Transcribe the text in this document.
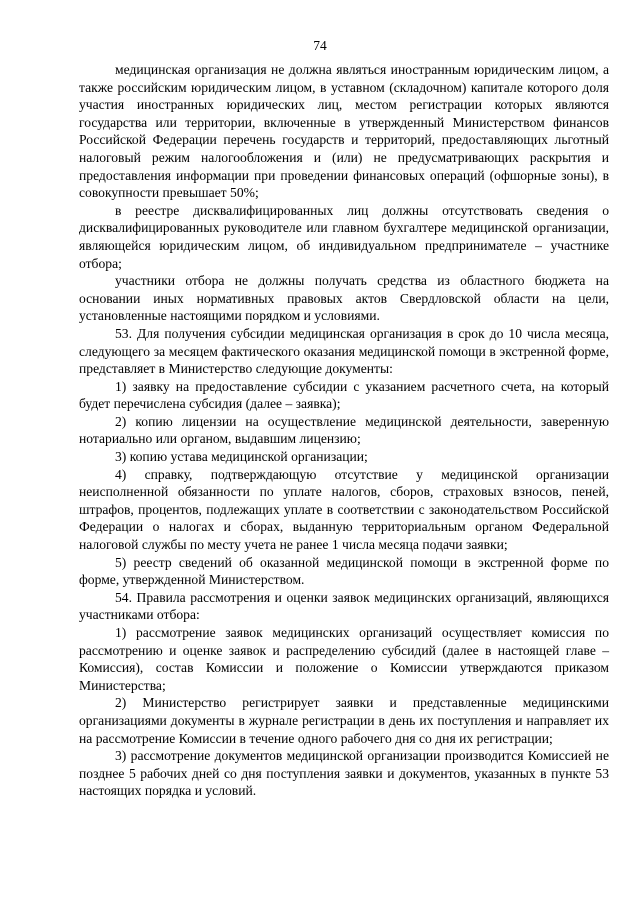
74

медицинская организация не должна являться иностранным юридическим лицом, а также российским юридическим лицом, в уставном (складочном) капитале которого доля участия иностранных юридических лиц, местом регистрации которых являются государства или территории, включенные в утвержденный Министерством финансов Российской Федерации перечень государств и территорий, предоставляющих льготный налоговый режим налогообложения и (или) не предусматривающих раскрытия и предоставления информации при проведении финансовых операций (офшорные зоны), в совокупности превышает 50%;

в реестре дисквалифицированных лиц должны отсутствовать сведения о дисквалифицированных руководителе или главном бухгалтере медицинской организации, являющейся юридическим лицом, об индивидуальном предпринимателе – участнике отбора;

участники отбора не должны получать средства из областного бюджета на основании иных нормативных правовых актов Свердловской области на цели, установленные настоящими порядком и условиями.

53. Для получения субсидии медицинская организация в срок до 10 числа месяца, следующего за месяцем фактического оказания медицинской помощи в экстренной форме, представляет в Министерство следующие документы:

1) заявку на предоставление субсидии с указанием расчетного счета, на который будет перечислена субсидия (далее – заявка);

2) копию лицензии на осуществление медицинской деятельности, заверенную нотариально или органом, выдавшим лицензию;

3) копию устава медицинской организации;

4) справку, подтверждающую отсутствие у медицинской организации неисполненной обязанности по уплате налогов, сборов, страховых взносов, пеней, штрафов, процентов, подлежащих уплате в соответствии с законодательством Российской Федерации о налогах и сборах, выданную территориальным органом Федеральной налоговой службы по месту учета не ранее 1 числа месяца подачи заявки;

5) реестр сведений об оказанной медицинской помощи в экстренной форме по форме, утвержденной Министерством.

54. Правила рассмотрения и оценки заявок медицинских организаций, являющихся участниками отбора:

1) рассмотрение заявок медицинских организаций осуществляет комиссия по рассмотрению и оценке заявок и распределению субсидий (далее в настоящей главе – Комиссия), состав Комиссии и положение о Комиссии утверждаются приказом Министерства;

2) Министерство регистрирует заявки и представленные медицинскими организациями документы в журнале регистрации в день их поступления и направляет их на рассмотрение Комиссии в течение одного рабочего дня со дня их регистрации;

3) рассмотрение документов медицинской организации производится Комиссией не позднее 5 рабочих дней со дня поступления заявки и документов, указанных в пункте 53 настоящих порядка и условий.
